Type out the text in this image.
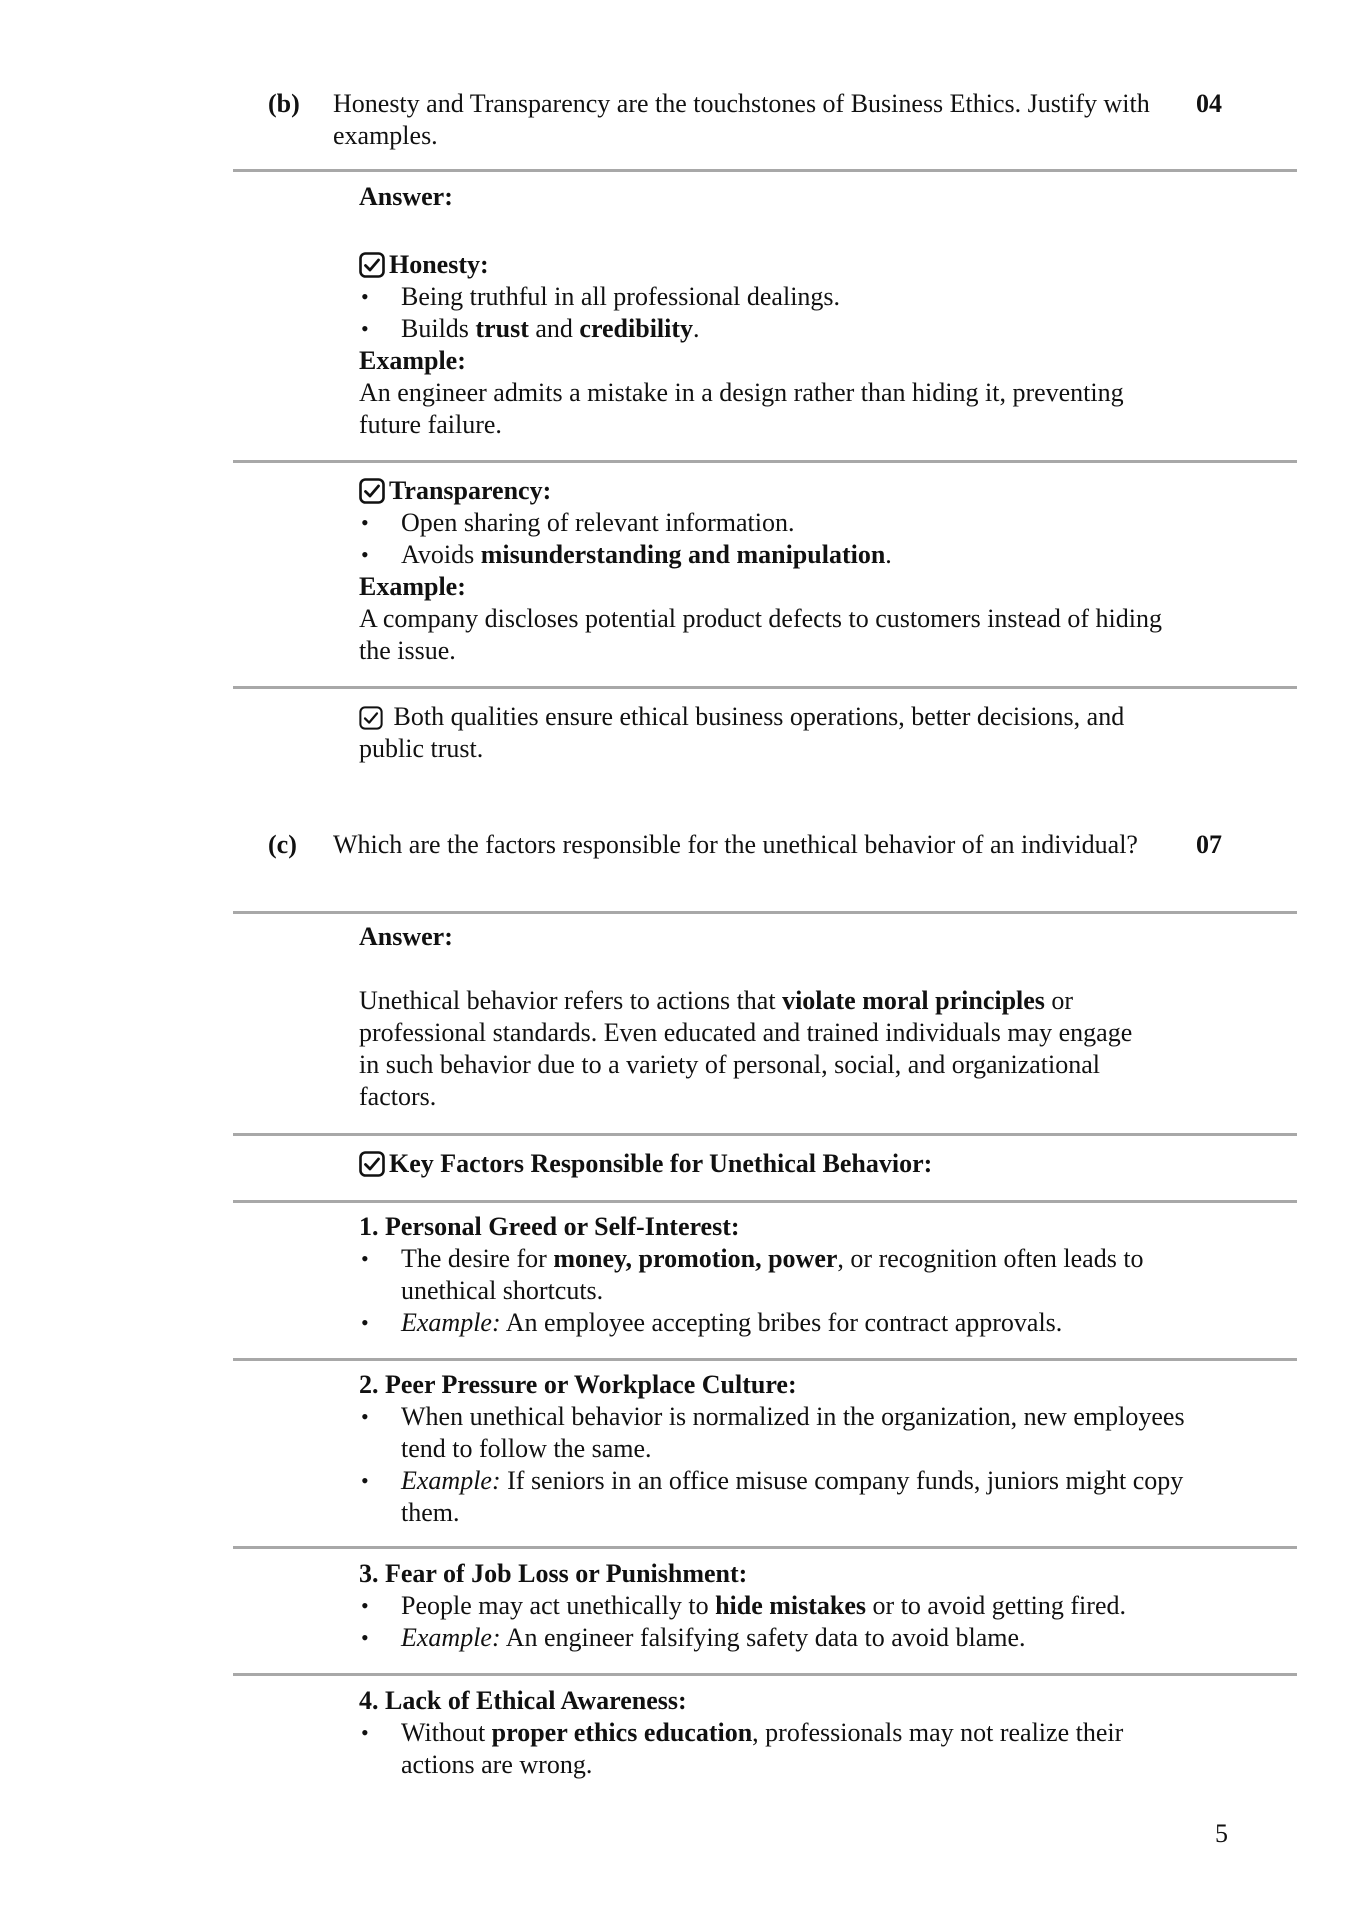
(b) Honesty and Transparency are the touchstones of Business Ethics. Justify with examples.
04
Answer:
Honesty:
• Being truthful in all professional dealings.
• Builds trust and credibility.
Example:
An engineer admits a mistake in a design rather than hiding it, preventing future failure.
Transparency:
• Open sharing of relevant information.
• Avoids misunderstanding and manipulation.
Example:
A company discloses potential product defects to customers instead of hiding the issue.
Both qualities ensure ethical business operations, better decisions, and public trust.
(c) Which are the factors responsible for the unethical behavior of an individual? 07
Answer:
Unethical behavior refers to actions that violate moral principles or professional standards. Even educated and trained individuals may engage in such behavior due to a variety of personal, social, and organizational factors.
Key Factors Responsible for Unethical Behavior:
1. Personal Greed or Self-Interest:
• The desire for money, promotion, power, or recognition often leads to unethical shortcuts.
• Example: An employee accepting bribes for contract approvals.
2. Peer Pressure or Workplace Culture:
• When unethical behavior is normalized in the organization, new employees tend to follow the same.
• Example: If seniors in an office misuse company funds, juniors might copy them.
3. Fear of Job Loss or Punishment:
• People may act unethically to hide mistakes or to avoid getting fired.
• Example: An engineer falsifying safety data to avoid blame.
4. Lack of Ethical Awareness:
• Without proper ethics education, professionals may not realize their actions are wrong.
5
